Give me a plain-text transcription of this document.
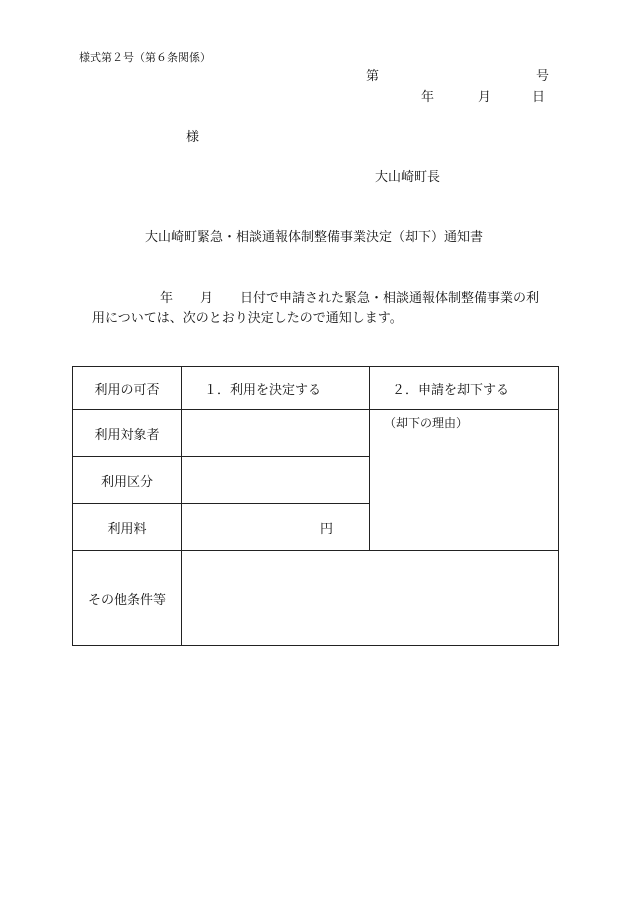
様式第２号（第６条関係）
第	号
年	月	日
様
大山崎町長
大山崎町緊急・相談通報体制整備事業決定（却下）通知書
年 月 日付で申請された緊急・相談通報体制整備事業の利
用については、次のとおり決定したので通知します。
利用の可否	１．利用を決定する	２．申請を却下する
利用対象者		（却下の理由）
利用区分		
利用料	円	
その他条件等		
